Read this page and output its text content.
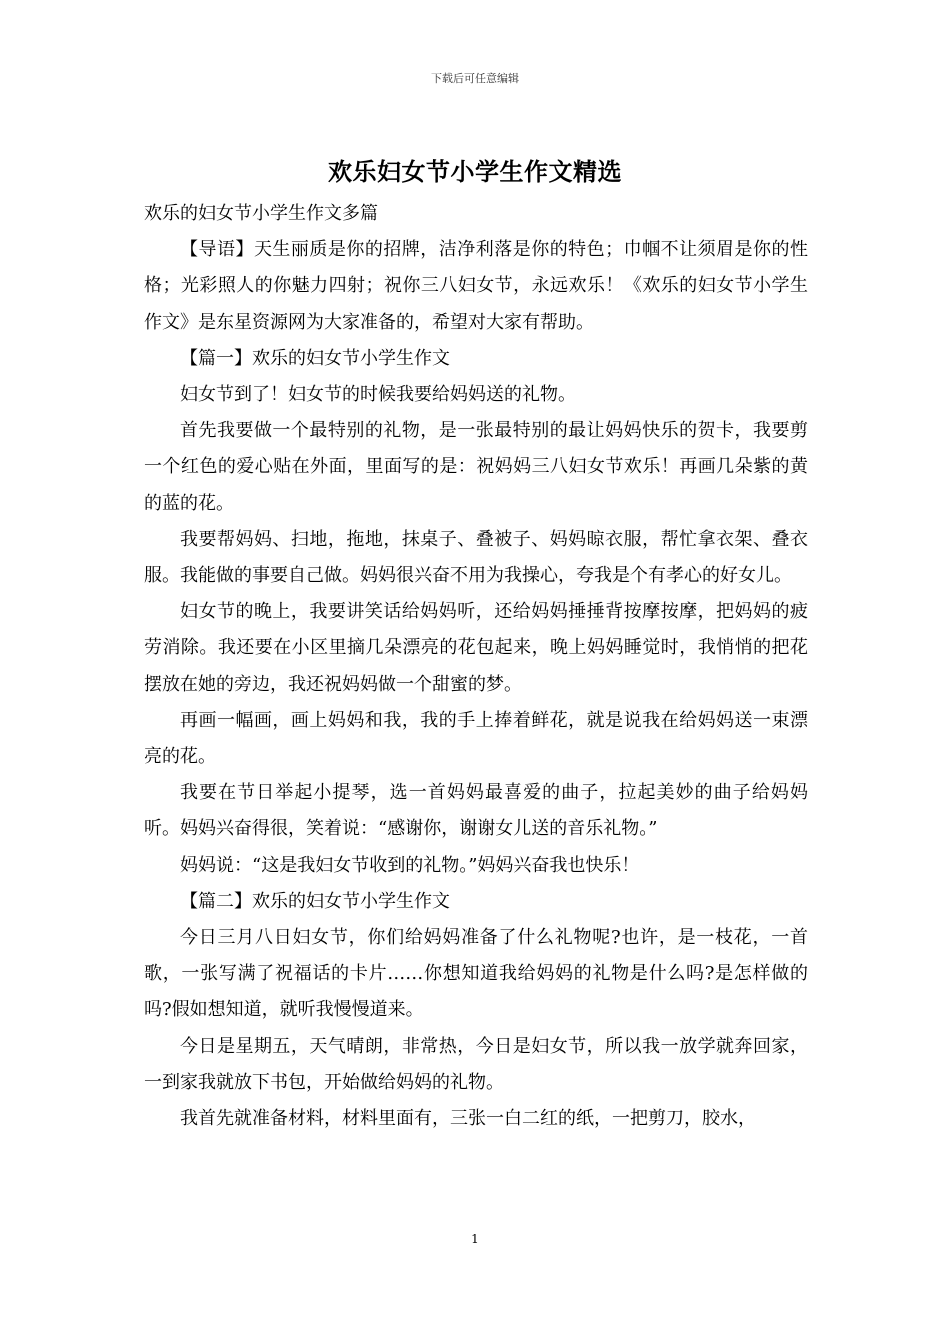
下载后可任意编辑
欢乐妇女节小学生作文精选

欢乐的妇女节小学生作文多篇

【导语】天生丽质是你的招牌，洁净利落是你的特色；巾帼不让须眉是你的性格；光彩照人的你魅力四射；祝你三八妇女节，永远欢乐！《欢乐的妇女节小学生作文》是东星资源网为大家准备的，希望对大家有帮助。

【篇一】欢乐的妇女节小学生作文

妇女节到了！妇女节的时候我要给妈妈送的礼物。

首先我要做一个最特别的礼物，是一张最特别的最让妈妈快乐的贺卡，我要剪一个红色的爱心贴在外面，里面写的是：祝妈妈三八妇女节欢乐！再画几朵紫的黄的蓝的花。

我要帮妈妈、扫地，拖地，抹桌子、叠被子、妈妈晾衣服，帮忙拿衣架、叠衣服。我能做的事要自己做。妈妈很兴奋不用为我操心，夸我是个有孝心的好女儿。

妇女节的晚上，我要讲笑话给妈妈听，还给妈妈捶捶背按摩按摩，把妈妈的疲劳消除。我还要在小区里摘几朵漂亮的花包起来，晚上妈妈睡觉时，我悄悄的把花摆放在她的旁边，我还祝妈妈做一个甜蜜的梦。

再画一幅画，画上妈妈和我，我的手上捧着鲜花，就是说我在给妈妈送一束漂亮的花。

我要在节日举起小提琴，选一首妈妈最喜爱的曲子，拉起美妙的曲子给妈妈听。妈妈兴奋得很，笑着说：“感谢你，谢谢女儿送的音乐礼物。”

妈妈说：“这是我妇女节收到的礼物。”妈妈兴奋我也快乐！

【篇二】欢乐的妇女节小学生作文

今日三月八日妇女节，你们给妈妈准备了什么礼物呢?也许，是一枝花，一首歌，一张写满了祝福话的卡片……你想知道我给妈妈的礼物是什么吗?是怎样做的吗?假如想知道，就听我慢慢道来。

今日是星期五，天气晴朗，非常热，今日是妇女节，所以我一放学就奔回家，一到家我就放下书包，开始做给妈妈的礼物。

我首先就准备材料，材料里面有，三张一白二红的纸，一把剪刀，胶水，

1
